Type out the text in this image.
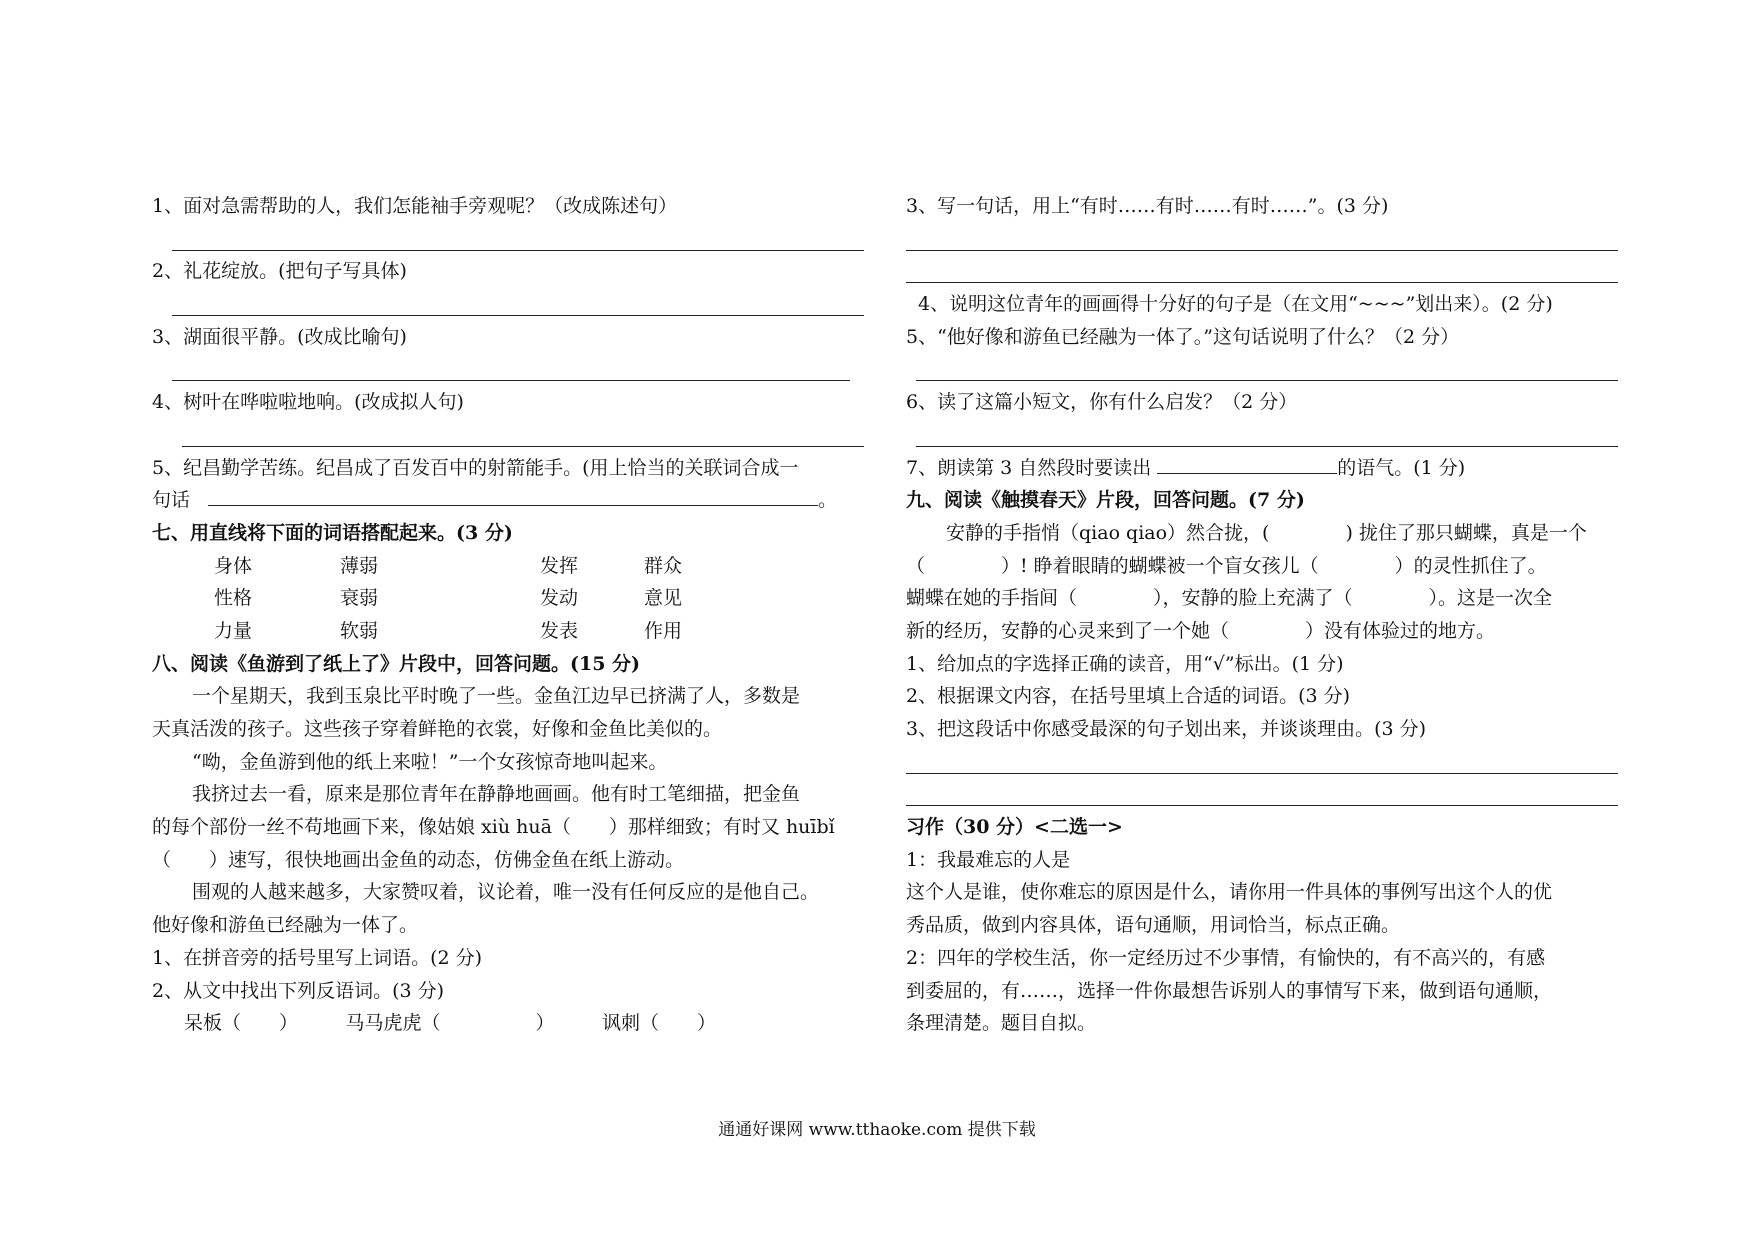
1、面对急需帮助的人，我们怎能袖手旁观呢？（改成陈述句）
2、礼花绽放。(把句子写具体)
3、湖面很平静。(改成比喻句)
4、树叶在哗啦啦地响。(改成拟人句)
5、纪昌勤学苦练。纪昌成了百发百中的射箭能手。(用上恰当的关联词合成一
句话	。
七、用直线将下面的词语搭配起来。(3 分)
身体	薄弱	发挥	群众
性格	衰弱	发动	意见
力量	软弱	发表	作用
八、阅读《鱼游到了纸上了》片段中，回答问题。(15 分)
一个星期天，我到玉泉比平时晚了一些。金鱼江边早已挤满了人，多数是
天真活泼的孩子。这些孩子穿着鲜艳的衣裳，好像和金鱼比美似的。
“呦，金鱼游到他的纸上来啦！”一个女孩惊奇地叫起来。
我挤过去一看，原来是那位青年在静静地画画。他有时工笔细描，把金鱼
的每个部份一丝不苟地画下来，像姑娘 xiù huā（　　）那样细致；有时又 huībǐ
（　　）速写，很快地画出金鱼的动态，仿佛金鱼在纸上游动。
围观的人越来越多，大家赞叹着，议论着，唯一没有任何反应的是他自己。
他好像和游鱼已经融为一体了。
1、在拼音旁的括号里写上词语。(2 分)
2、从文中找出下列反语词。(3 分)
呆板（　　）　　　马马虎虎（　　　　　）　　　讽刺（　　）
3、写一句话，用上“有时……有时……有时……”。(3 分)
4、说明这位青年的画画得十分好的句子是（在文用“~~~”划出来）。(2 分)
5、“他好像和游鱼已经融为一体了。”这句话说明了什么？（2 分）
6、读了这篇小短文，你有什么启发？（2 分）
7、朗读第 3 自然段时要读出	的语气。(1 分)
九、阅读《触摸春天》片段，回答问题。(7 分)
安静的手指悄（qiao qiao）然合拢，(　　　　) 拢住了那只蝴蝶，真是一个
（　　　　）! 睁着眼睛的蝴蝶被一个盲女孩儿（　　　　）的灵性抓住了。
蝴蝶在她的手指间（　　　　），安静的脸上充满了（　　　　）。这是一次全
新的经历，安静的心灵来到了一个她（　　　　）没有体验过的地方。
1、给加点的字选择正确的读音，用“√”标出。(1 分)
2、根据课文内容，在括号里填上合适的词语。(3 分)
3、把这段话中你感受最深的句子划出来，并谈谈理由。(3 分)
习作（30 分）<二选一>
1：我最难忘的人是
这个人是谁，使你难忘的原因是什么，请你用一件具体的事例写出这个人的优
秀品质，做到内容具体，语句通顺，用词恰当，标点正确。
2：四年的学校生活，你一定经历过不少事情，有愉快的，有不高兴的，有感
到委屈的，有……，选择一件你最想告诉别人的事情写下来，做到语句通顺，
条理清楚。题目自拟。
通通好课网 www.tthaoke.com 提供下载
